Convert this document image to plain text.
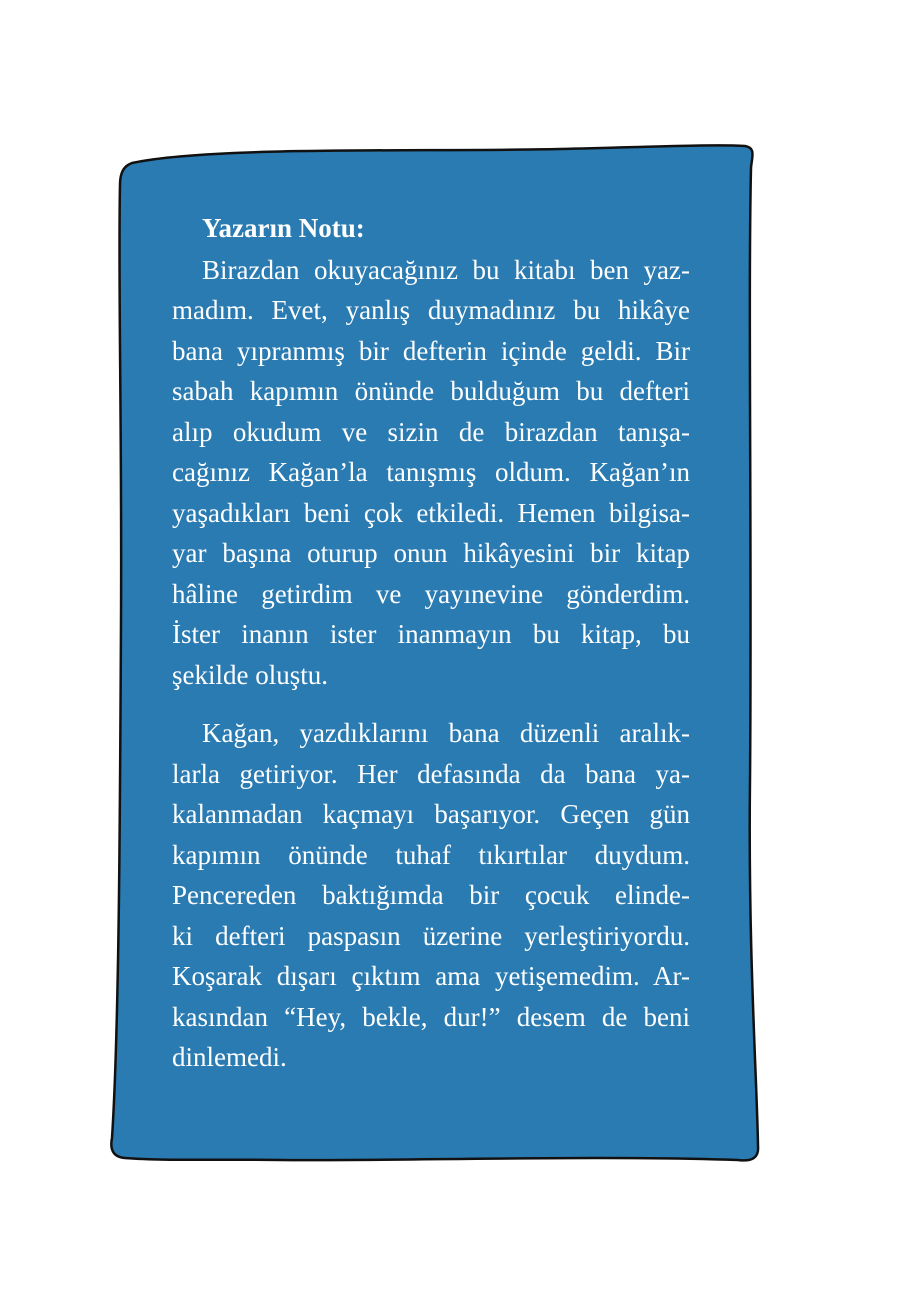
Yazarın Notu:
Birazdan okuyacağınız bu kitabı ben yaz-
madım. Evet, yanlış duymadınız bu hikâye
bana yıpranmış bir defterin içinde geldi. Bir
sabah kapımın önünde bulduğum bu defteri
alıp okudum ve sizin de birazdan tanışa-
cağınız Kağan’la tanışmış oldum. Kağan’ın
yaşadıkları beni çok etkiledi. Hemen bilgisa-
yar başına oturup onun hikâyesini bir kitap
hâline getirdim ve yayınevine gönderdim.
İster inanın ister inanmayın bu kitap, bu
şekilde oluştu.
Kağan, yazdıklarını bana düzenli aralık-
larla getiriyor. Her defasında da bana ya-
kalanmadan kaçmayı başarıyor. Geçen gün
kapımın önünde tuhaf tıkırtılar duydum.
Pencereden baktığımda bir çocuk elinde-
ki defteri paspasın üzerine yerleştiriyordu.
Koşarak dışarı çıktım ama yetişemedim. Ar-
kasından “Hey, bekle, dur!” desem de beni
dinlemedi.
